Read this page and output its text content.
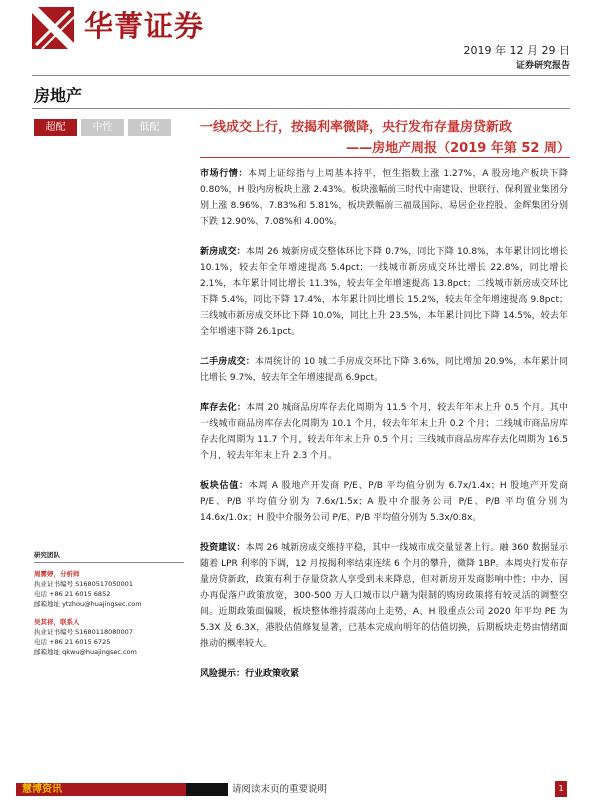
华菁证券
2019 年 12 月 29 日
证券研究报告
房地产
超配	中性	低配	一线成交上行，按揭利率微降，央行发布存量房贷新政
——房地产周报（2019 年第 52 周）

市场行情：本周上证综指与上周基本持平，恒生指数上涨 1.27%，A 股房地产板块下降 0.80%，H 股内房板块上涨 2.43%。板块涨幅前三时代中南建设、世联行、保利置业集团分别上涨 8.96%、7.83%和 5.81%，板块跌幅前三福晟国际、易居企业控股、金辉集团分别下跌 12.90%、7.08%和 4.00%。

新房成交：本周 26 城新房成交整体环比下降 0.7%，同比下降 10.8%，本年累计同比增长 10.1%，较去年全年增速提高 5.4pct；一线城市新房成交环比增长 22.8%，同比增长 2.1%，本年累计同比增长 11.3%，较去年全年增速提高 13.8pct；二线城市新房成交环比下降 5.4%，同比下降 17.4%，本年累计同比增长 15.2%，较去年全年增速提高 9.8pct；三线城市新房成交环比下降 10.0%，同比上升 23.5%，本年累计同比下降 14.5%，较去年全年增速下降 26.1pct。

二手房成交：本周统计的 10 城二手房成交环比下降 3.6%，同比增加 20.9%，本年累计同比增长 9.7%，较去年全年增速提高 6.9pct。

库存去化：本周 20 城商品房库存去化周期为 11.5 个月，较去年年末上升 0.5 个月。其中一线城市商品房库存去化周期为 10.1 个月，较去年年末上升 0.2 个月；二线城市商品房库存去化周期为 11.7 个月，较去年年末上升 0.5 个月；三线城市商品房库存去化周期为 16.5 个月，较去年年末上升 2.3 个月。

板块估值：本周 A 股地产开发商 P/E、P/B 平均值分别为 6.7x/1.4x；H 股地产开发商 P/E、P/B 平均值分别为 7.6x/1.5x；A 股中介服务公司 P/E、P/B 平均值分别为 14.6x/1.0x；H 股中介服务公司 P/E、P/B 平均值分别为 5.3x/0.8x。

投资建议：本周 26 城新房成交维持平稳，其中一线城市成交量显著上行。融 360 数据显示随着 LPR 利率的下调，12 月按揭利率结束连续 6 个月的攀升，微降 1BP。本周央行发布存量房贷新政，政策有利于存量贷款人享受到未来降息，但对新房开发商影响中性；中办、国办再促落户政策放宽，300-500 万人口城市以户籍为限制的购房政策将有较灵活的调整空间。近期政策面偏暖，板块整体维持震荡向上走势，A、H 股重点公司 2020 年平均 PE 为 5.3X 及 6.3X，港股估值修复显著，已基本完成向明年的估值切换，后期板块走势由情绪面推动的概率较大。

风险提示：行业政策收紧

研究团队
周雾婷，分析师
执业证书编号 S1680517050001
电话 +86 21 6015 6852
邮箱地址 ytzhou@huajingsec.com
吴其祥，联系人
执业证书编号 S1680118080007
电话 +86 21 6015 6725
邮箱地址 qkwu@huajingsec.com
慧博资讯	请阅读末页的重要说明	1
